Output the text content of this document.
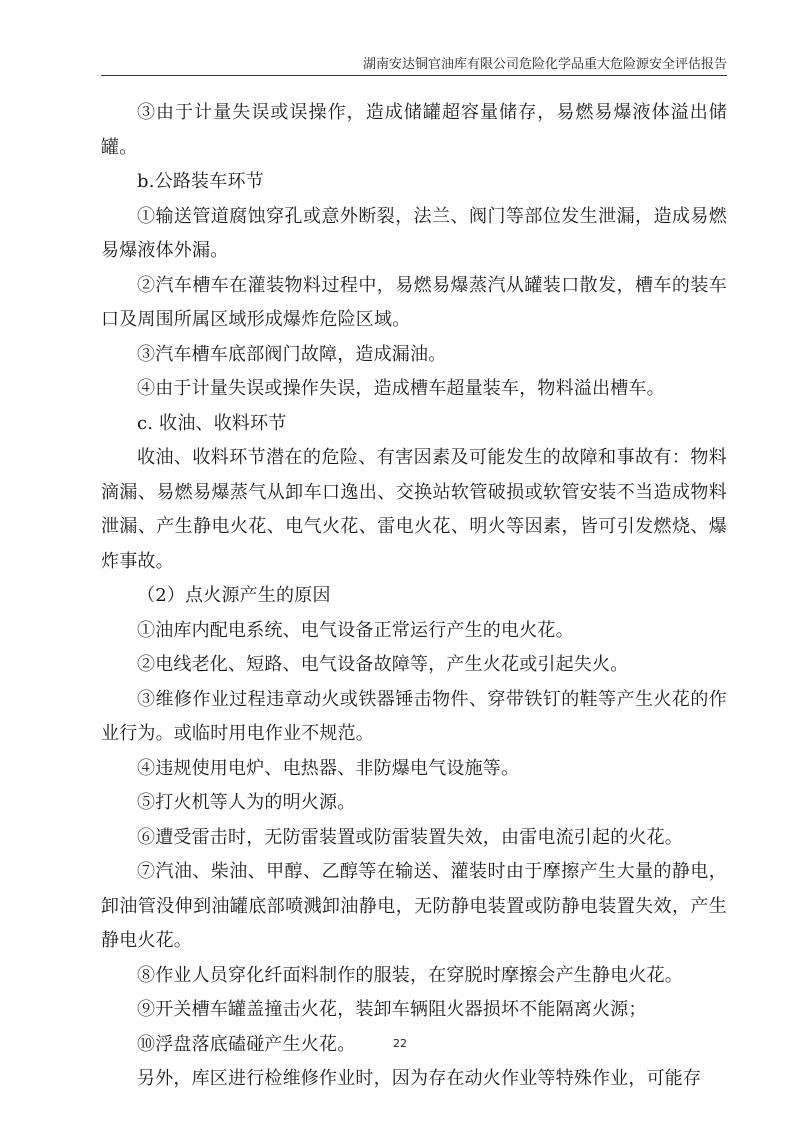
湖南安达铜官油库有限公司危险化学品重大危险源安全评估报告

③由于计量失误或误操作，造成储罐超容量储存，易燃易爆液体溢出储罐。

b.公路装车环节

①输送管道腐蚀穿孔或意外断裂，法兰、阀门等部位发生泄漏，造成易燃易爆液体外漏。

②汽车槽车在灌装物料过程中，易燃易爆蒸汽从罐装口散发，槽车的装车口及周围所属区域形成爆炸危险区域。

③汽车槽车底部阀门故障，造成漏油。

④由于计量失误或操作失误，造成槽车超量装车，物料溢出槽车。

c. 收油、收料环节

收油、收料环节潜在的危险、有害因素及可能发生的故障和事故有：物料滴漏、易燃易爆蒸气从卸车口逸出、交换站软管破损或软管安装不当造成物料泄漏、产生静电火花、电气火花、雷电火花、明火等因素，皆可引发燃烧、爆炸事故。

（2）点火源产生的原因

①油库内配电系统、电气设备正常运行产生的电火花。

②电线老化、短路、电气设备故障等，产生火花或引起失火。

③维修作业过程违章动火或铁器锤击物件、穿带铁钉的鞋等产生火花的作业行为。或临时用电作业不规范。

④违规使用电炉、电热器、非防爆电气设施等。

⑤打火机等人为的明火源。

⑥遭受雷击时，无防雷装置或防雷装置失效，由雷电流引起的火花。

⑦汽油、柴油、甲醇、乙醇等在输送、灌装时由于摩擦产生大量的静电，卸油管没伸到油罐底部喷溅卸油静电，无防静电装置或防静电装置失效，产生静电火花。

⑧作业人员穿化纤面料制作的服装，在穿脱时摩擦会产生静电火花。

⑨开关槽车罐盖撞击火花，装卸车辆阻火器损坏不能隔离火源；

⑩浮盘落底磕碰产生火花。

另外，库区进行检维修作业时，因为存在动火作业等特殊作业，可能存

22
